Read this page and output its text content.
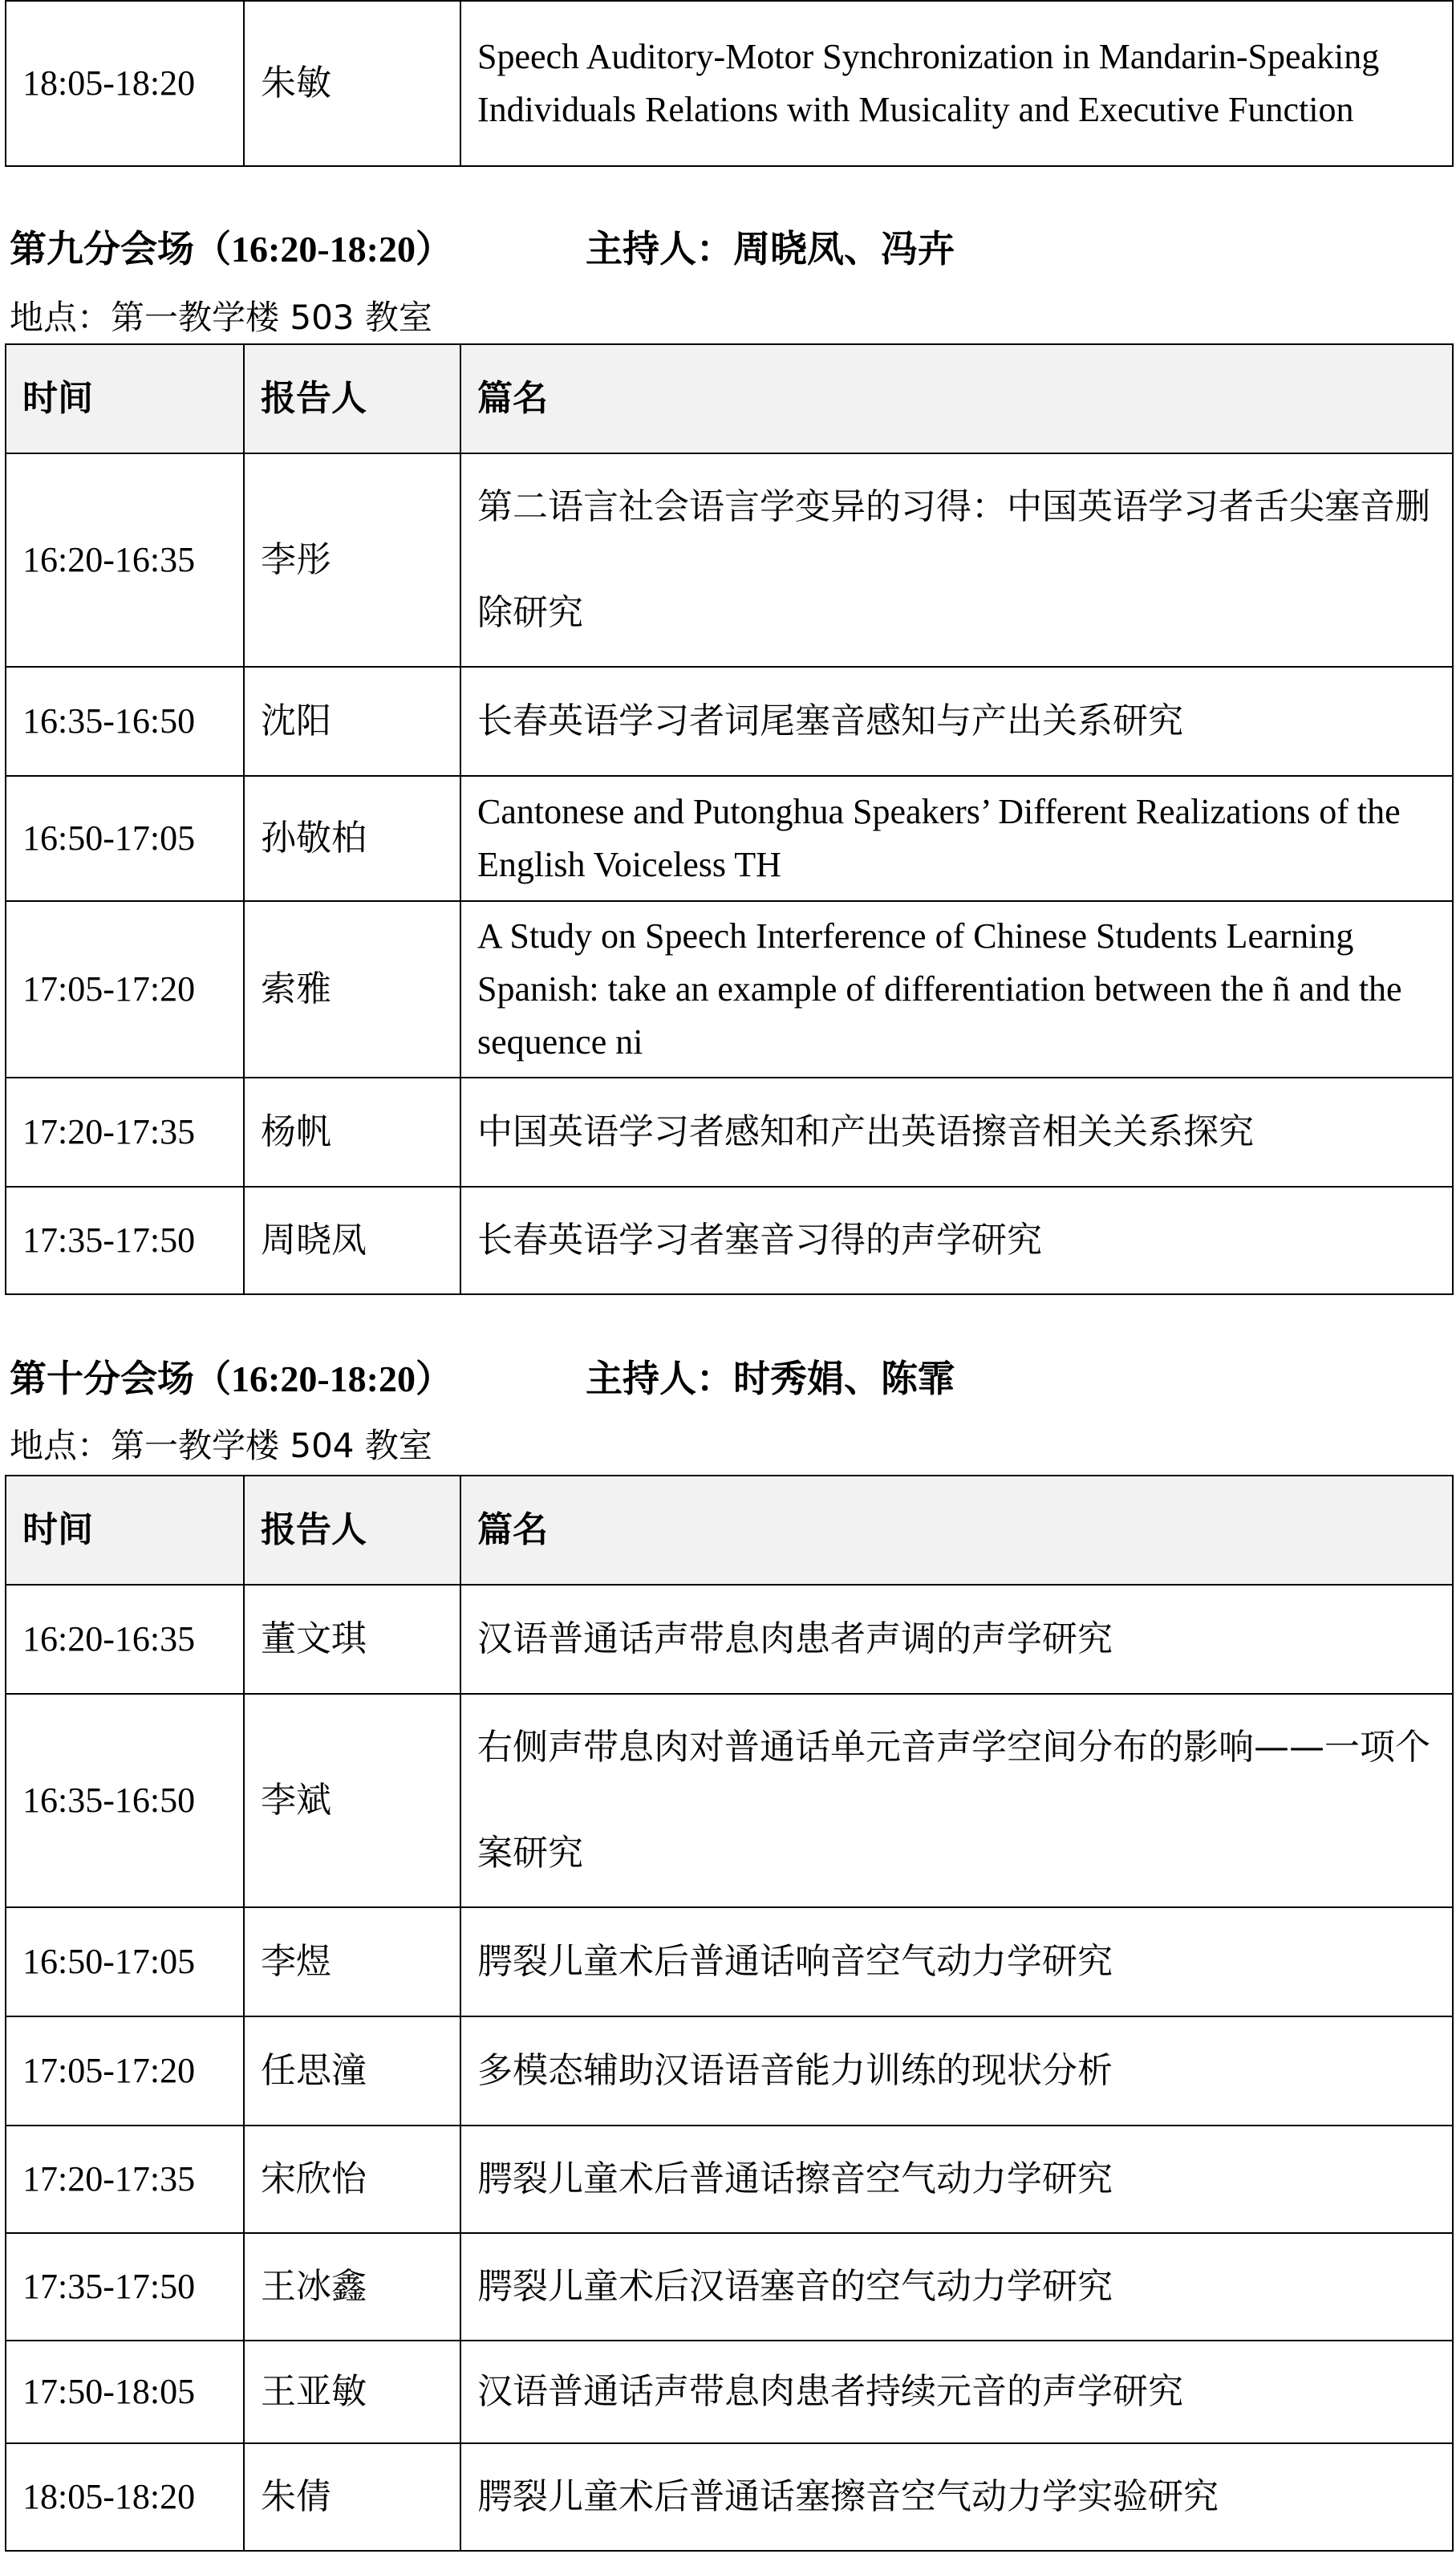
18:05-18:20	朱敏	Speech Auditory-Motor Synchronization in Mandarin-Speaking Individuals Relations with Musicality and Executive Function
第九分会场（16:20-18:20）	主持人：周晓凤、冯卉
地点：第一教学楼 503 教室
时间	报告人	篇名
16:20-16:35	李彤	第二语言社会语言学变异的习得：中国英语学习者舌尖塞音删除研究
16:35-16:50	沈阳	长春英语学习者词尾塞音感知与产出关系研究
16:50-17:05	孙敬柏	Cantonese and Putonghua Speakers’ Different Realizations of the English Voiceless TH
17:05-17:20	索雅	A Study on Speech Interference of Chinese Students Learning Spanish: take an example of differentiation between the ñ and the sequence ni
17:20-17:35	杨帆	中国英语学习者感知和产出英语擦音相关关系探究
17:35-17:50	周晓凤	长春英语学习者塞音习得的声学研究
第十分会场（16:20-18:20）	主持人：时秀娟、陈霏
地点：第一教学楼 504 教室
时间	报告人	篇名
16:20-16:35	董文琪	汉语普通话声带息肉患者声调的声学研究
16:35-16:50	李斌	右侧声带息肉对普通话单元音声学空间分布的影响——一项个案研究
16:50-17:05	李煜	腭裂儿童术后普通话响音空气动力学研究
17:05-17:20	任思潼	多模态辅助汉语语音能力训练的现状分析
17:20-17:35	宋欣怡	腭裂儿童术后普通话擦音空气动力学研究
17:35-17:50	王冰鑫	腭裂儿童术后汉语塞音的空气动力学研究
17:50-18:05	王亚敏	汉语普通话声带息肉患者持续元音的声学研究
18:05-18:20	朱倩	腭裂儿童术后普通话塞擦音空气动力学实验研究
